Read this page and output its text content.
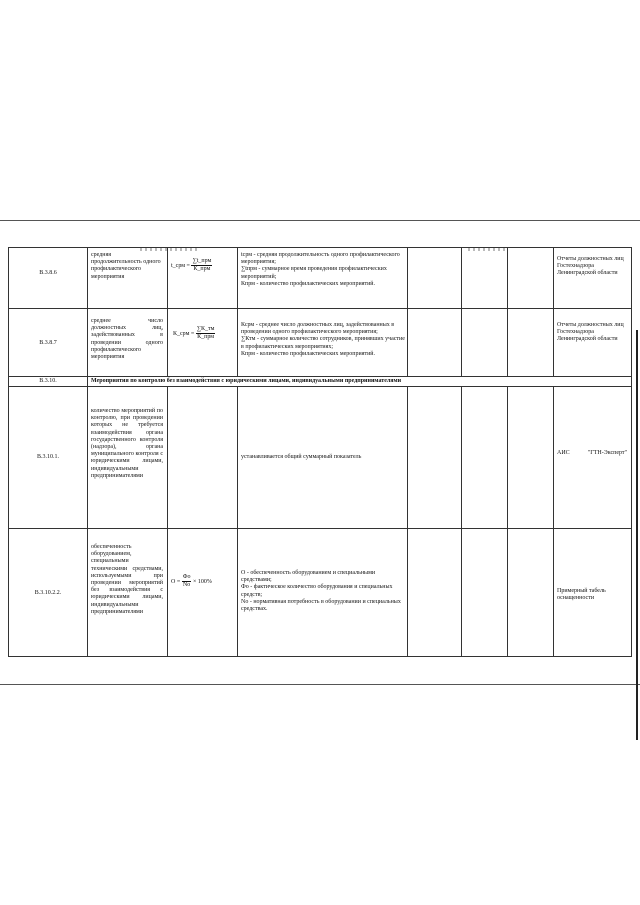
В.3.8.6
средняя продолжительность одного профилактического мероприятия
t_срм = $\frac{\text{∑t\_прм}}{\text{К\_прм}}$
tсрм - средняя продолжительность одного профилактического мероприятия;
∑tпрм - суммарное время проведения профилактических мероприятий;
Кпрм - количество профилактических мероприятий.
Отчеты должностных лиц Гостехнадзора Ленинградской области
В.3.8.7
среднее число должностных лиц, задействованных в проведении одного профилактического мероприятия
К_срм = $\frac{\sum К\_тм}{\text{К\_прм}}$
Ксрм - среднее число должностных лиц, задействованных в проведении одного профилактического мероприятия;
∑Ктм - суммарное количество сотрудников, принявших участие в профилактических мероприятиях;
Кпрм - количество профилактических мероприятий.
Отчеты должностных лиц Гостехнадзора Ленинградской области
В.3.10.	Мероприятия по контролю без взаимодействия с юридическими лицами, индивидуальными предпринимателями
В.3.10.1.
количество мероприятий по контролю, при проведении которых не требуется взаимодействия органа государственного контроля (надзора), органа муниципального контроля с юридическими лицами, индивидуальными предпринимателями
устанавливается общий суммарный показатель
АИС "ГТН-Эксперт"
В.3.10.2.2.
обеспеченность оборудованием, специальными техническими средствами, используемыми при проведении мероприятий без взаимодействия с юридическими лицами, индивидуальными предпринимателями
$О = \frac{Фо}{Nо} \times 100\%$
О - обеспеченность оборудованием и специальными средствами;
Фо - фактическое количество оборудования и специальных средств;
Nо - нормативная потребность в оборудовании и специальных средствах.
Примерный табель оснащенности
